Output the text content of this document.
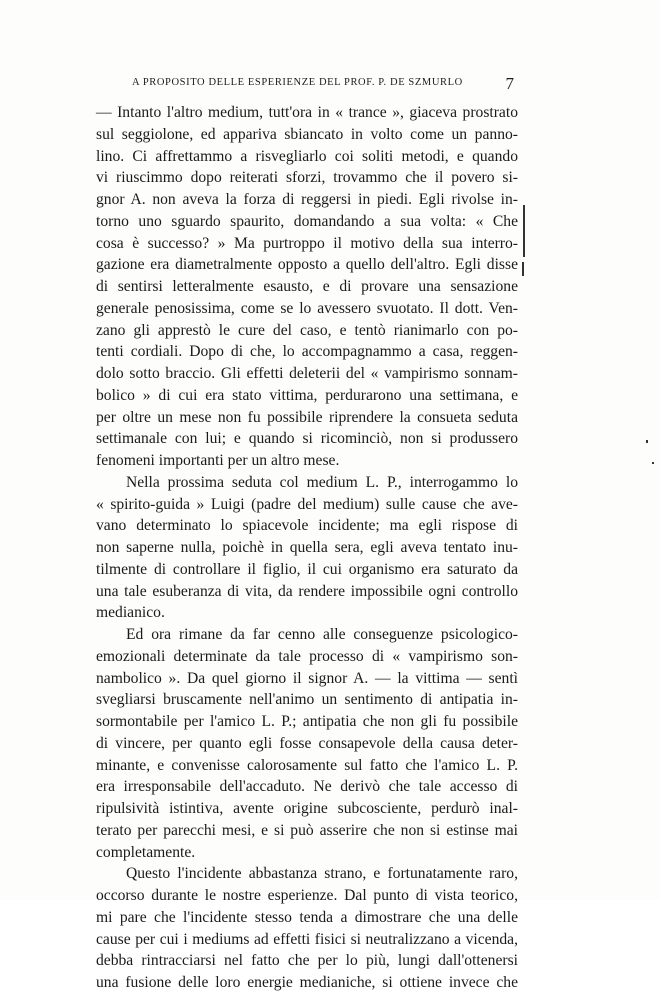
A PROPOSITO DELLE ESPERIENZE DEL PROF. P. DE SZMURLO	7
— Intanto l'altro medium, tutt'ora in « trance », giaceva prostrato
sul seggiolone, ed appariva sbiancato in volto come un panno-
lino. Ci affrettammo a risvegliarlo coi soliti metodi, e quando
vi riuscimmo dopo reiterati sforzi, trovammo che il povero si-
gnor A. non aveva la forza di reggersi in piedi. Egli rivolse in-
torno uno sguardo spaurito, domandando a sua volta: « Che
cosa è successo? » Ma purtroppo il motivo della sua interro-
gazione era diametralmente opposto a quello dell'altro. Egli disse
di sentirsi letteralmente esausto, e di provare una sensazione
generale penosissima, come se lo avessero svuotato. Il dott. Ven-
zano gli apprestò le cure del caso, e tentò rianimarlo con po-
tenti cordiali. Dopo di che, lo accompagnammo a casa, reggen-
dolo sotto braccio. Gli effetti deleterii del « vampirismo sonnam-
bolico » di cui era stato vittima, perdurarono una settimana, e
per oltre un mese non fu possibile riprendere la consueta seduta
settimanale con lui; e quando si ricominciò, non si produssero
fenomeni importanti per un altro mese.
Nella prossima seduta col medium L. P., interrogammo lo
« spirito-guida » Luigi (padre del medium) sulle cause che ave-
vano determinato lo spiacevole incidente; ma egli rispose di
non saperne nulla, poichè in quella sera, egli aveva tentato inu-
tilmente di controllare il figlio, il cui organismo era saturato da
una tale esuberanza di vita, da rendere impossibile ogni controllo
medianico.
Ed ora rimane da far cenno alle conseguenze psicologico-
emozionali determinate da tale processo di « vampirismo son-
nambolico ». Da quel giorno il signor A. — la vittima — sentì
svegliarsi bruscamente nell'animo un sentimento di antipatia in-
sormontabile per l'amico L. P.; antipatia che non gli fu possibile
di vincere, per quanto egli fosse consapevole della causa deter-
minante, e convenisse calorosamente sul fatto che l'amico L. P.
era irresponsabile dell'accaduto. Ne derivò che tale accesso di
ripulsività istintiva, avente origine subcosciente, perdurò inal-
terato per parecchi mesi, e si può asserire che non si estinse mai
completamente.
Questo l'incidente abbastanza strano, e fortunatamente raro,
occorso durante le nostre esperienze. Dal punto di vista teorico,
mi pare che l'incidente stesso tenda a dimostrare che una delle
cause per cui i mediums ad effetti fisici si neutralizzano a vicenda,
debba rintracciarsi nel fatto che per lo più, lungi dall'ottenersi
una fusione delle loro energie medianiche, si ottiene invece che
